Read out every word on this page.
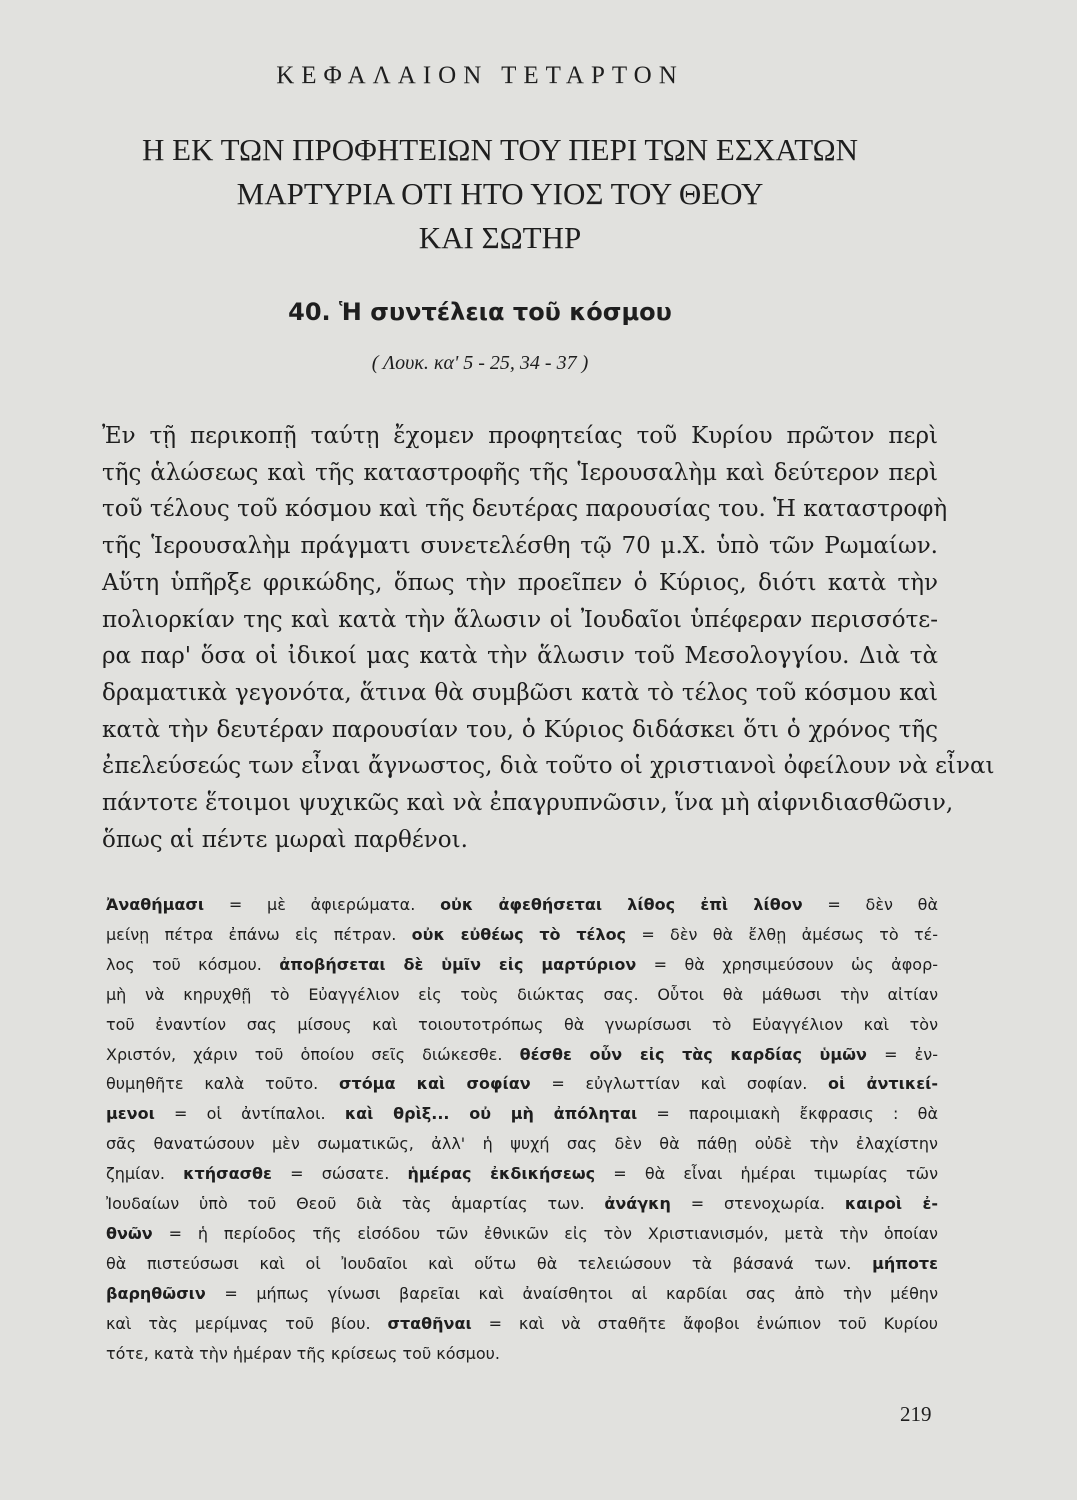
ΚΕΦΑΛΑΙΟΝ ΤΕΤΑΡΤΟΝ
Η ΕΚ ΤΩΝ ΠΡΟΦΗΤΕΙΩΝ ΤΟΥ ΠΕΡΙ ΤΩΝ ΕΣΧΑΤΩΝ
ΜΑΡΤΥΡΙΑ ΟΤΙ ΗΤΟ ΥΙΟΣ ΤΟΥ ΘΕΟΥ
ΚΑΙ ΣΩΤΗΡ
40. Ἡ συντέλεια τοῦ κόσμου
( Λουκ. κα' 5 - 25, 34 - 37 )
Ἐν τῇ περικοπῇ ταύτῃ ἔχομεν προφητείας τοῦ Κυρίου πρῶτον περὶ
τῆς ἁλώσεως καὶ τῆς καταστροφῆς τῆς Ἱερουσαλὴμ καὶ δεύτερον περὶ
τοῦ τέλους τοῦ κόσμου καὶ τῆς δευτέρας παρουσίας του. Ἡ καταστροφὴ
τῆς Ἱερουσαλὴμ πράγματι συνετελέσθη τῷ 70 μ.Χ. ὑπὸ τῶν Ρωμαίων.
Αὕτη ὑπῆρξε φρικώδης, ὅπως τὴν προεῖπεν ὁ Κύριος, διότι κατὰ τὴν
πολιορκίαν της καὶ κατὰ τὴν ἅλωσιν οἱ Ἰουδαῖοι ὑπέφεραν περισσότε-
ρα παρ' ὅσα οἱ ἰδικοί μας κατὰ τὴν ἅλωσιν τοῦ Μεσολογγίου. Διὰ τὰ
δραματικὰ γεγονότα, ἅτινα θὰ συμβῶσι κατὰ τὸ τέλος τοῦ κόσμου καὶ
κατὰ τὴν δευτέραν παρουσίαν του, ὁ Κύριος διδάσκει ὅτι ὁ χρόνος τῆς
ἐπελεύσεώς των εἶναι ἄγνωστος, διὰ τοῦτο οἱ χριστιανοὶ ὀφείλουν νὰ εἶναι
πάντοτε ἕτοιμοι ψυχικῶς καὶ νὰ ἐπαγρυπνῶσιν, ἵνα μὴ αἰφνιδιασθῶσιν,
ὅπως αἱ πέντε μωραὶ παρθένοι.
Ἀναθήμασι = μὲ ἀφιερώματα. οὐκ ἀφεθήσεται λίθος ἐπὶ λίθον = δὲν θὰ
μείνῃ πέτρα ἐπάνω εἰς πέτραν. οὐκ εὐθέως τὸ τέλος = δὲν θὰ ἔλθῃ ἀμέσως τὸ τέ-
λος τοῦ κόσμου. ἀποβήσεται δὲ ὑμῖν εἰς μαρτύριον = θὰ χρησιμεύσουν ὡς ἀφορ-
μὴ νὰ κηρυχθῇ τὸ Εὐαγγέλιον εἰς τοὺς διώκτας σας. Οὗτοι θὰ μάθωσι τὴν αἰτίαν
τοῦ ἐναντίον σας μίσους καὶ τοιουτοτρόπως θὰ γνωρίσωσι τὸ Εὐαγγέλιον καὶ τὸν
Χριστόν, χάριν τοῦ ὁποίου σεῖς διώκεσθε. θέσθε οὖν εἰς τὰς καρδίας ὑμῶν = ἐν-
θυμηθῆτε καλὰ τοῦτο. στόμα καὶ σοφίαν = εὐγλωττίαν καὶ σοφίαν. οἱ ἀντικεί-
μενοι = οἱ ἀντίπαλοι. καὶ θρὶξ... οὐ μὴ ἀπόληται = παροιμιακὴ ἔκφρασις : θὰ
σᾶς θανατώσουν μὲν σωματικῶς, ἀλλ' ἡ ψυχή σας δὲν θὰ πάθῃ οὐδὲ τὴν ἐλαχίστην
ζημίαν. κτήσασθε = σώσατε. ἡμέρας ἐκδικήσεως = θὰ εἶναι ἡμέραι τιμωρίας τῶν
Ἰουδαίων ὑπὸ τοῦ Θεοῦ διὰ τὰς ἁμαρτίας των. ἀνάγκη = στενοχωρία. καιροὶ ἐ-
θνῶν = ἡ περίοδος τῆς εἰσόδου τῶν ἐθνικῶν εἰς τὸν Χριστιανισμόν, μετὰ τὴν ὁποίαν
θὰ πιστεύσωσι καὶ οἱ Ἰουδαῖοι καὶ οὕτω θὰ τελειώσουν τὰ βάσανά των. μήποτε
βαρηθῶσιν = μήπως γίνωσι βαρεῖαι καὶ ἀναίσθητοι αἱ καρδίαι σας ἀπὸ τὴν μέθην
καὶ τὰς μερίμνας τοῦ βίου. σταθῆναι = καὶ νὰ σταθῆτε ἄφοβοι ἐνώπιον τοῦ Κυρίου
τότε, κατὰ τὴν ἡμέραν τῆς κρίσεως τοῦ κόσμου.
219
